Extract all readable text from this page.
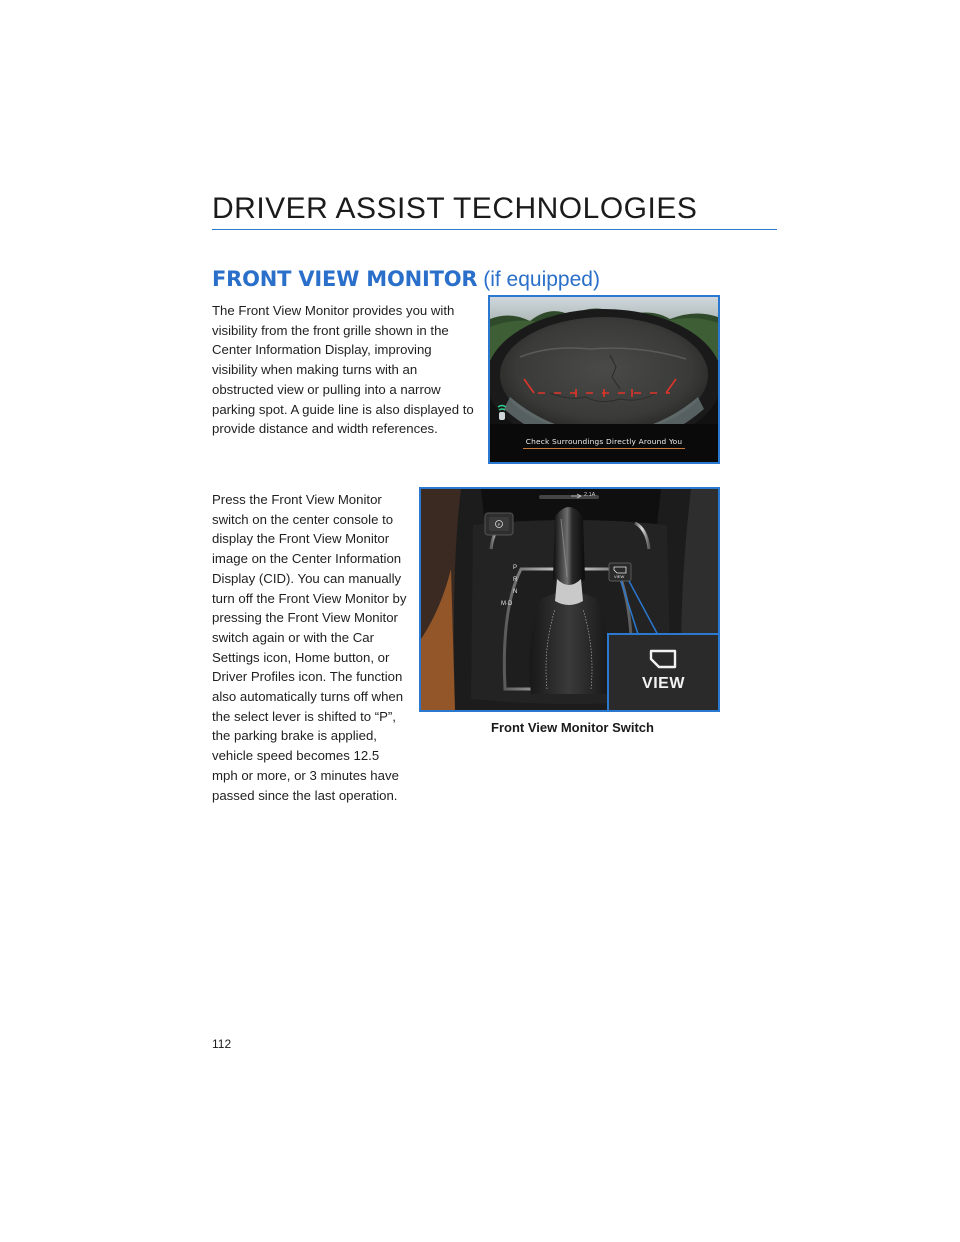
DRIVER ASSIST TECHNOLOGIES
FRONT VIEW MONITOR (if equipped)
The Front View Monitor provides you with visibility from the front grille shown in the Center Information Display, improving visibility when making turns with an obstructed view or pulling into a narrow parking spot. A guide line is also displayed to provide distance and width references.
Check Surroundings Directly Around You
Press the Front View Monitor switch on the center console to display the Front View Monitor image on the Center Information Display (CID). You can manually turn off the Front View Monitor by pressing the Front View Monitor switch again or with the Car Settings icon, Home button, or Driver Profiles icon. The function also automatically turns off when the select lever is shifted to “P”, the parking brake is applied, vehicle speed becomes 12.5 mph or more, or 3 minutes have passed since the last operation.
P
2.1A
VIEW
P
R
N
M·D
VIEW
Front View Monitor Switch
112
